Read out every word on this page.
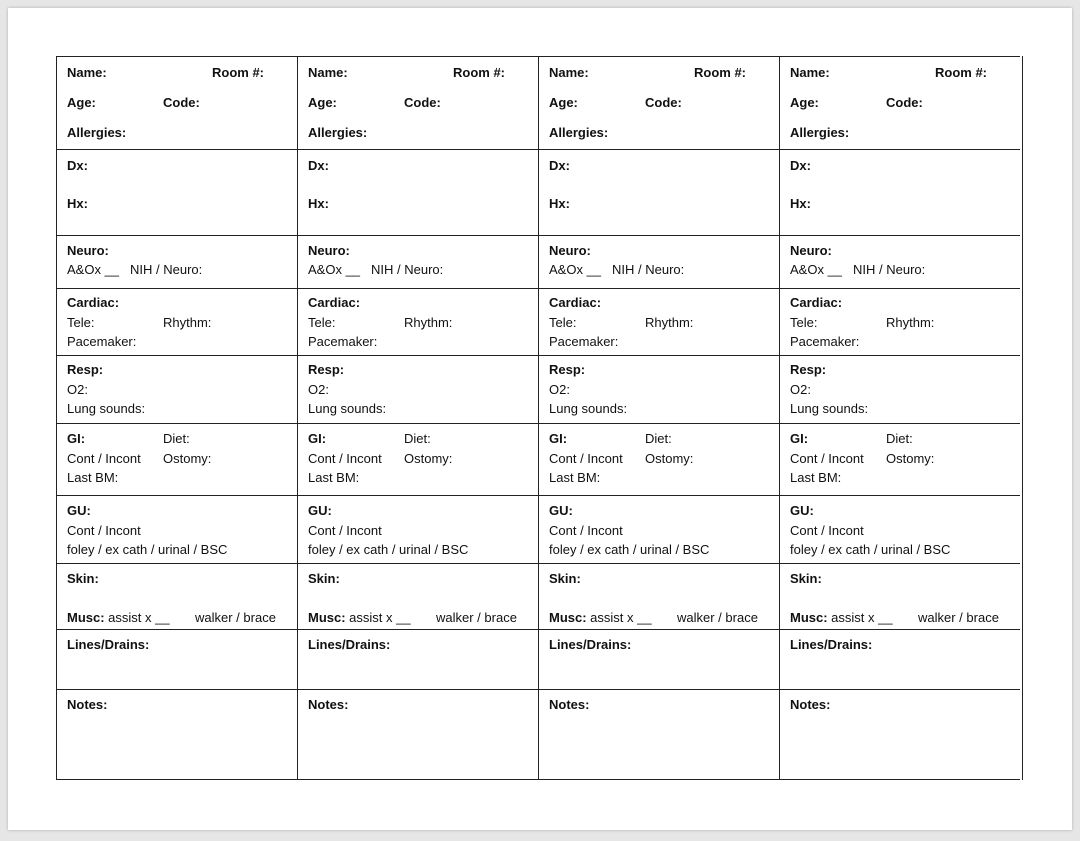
Name:	Room #:
Age:	Code:
Allergies:
Dx:
Hx:
Neuro:
A&Ox __ NIH / Neuro:
Cardiac:
Tele:	Rhythm:
Pacemaker:
Resp:
O2:
Lung sounds:
GI:	Diet:
Cont / Incont Ostomy:
Last BM:
GU:
Cont / Incont
foley / ex cath / urinal / BSC
Skin:
Musc: assist x __ walker / brace
Lines/Drains:
Notes:
Name:	Room #:
Age:	Code:
Allergies:
Dx:
Hx:
Neuro:
A&Ox __ NIH / Neuro:
Cardiac:
Tele:	Rhythm:
Pacemaker:
Resp:
O2:
Lung sounds:
GI:	Diet:
Cont / Incont Ostomy:
Last BM:
GU:
Cont / Incont
foley / ex cath / urinal / BSC
Skin:
Musc: assist x __ walker / brace
Lines/Drains:
Notes:
Name:	Room #:
Age:	Code:
Allergies:
Dx:
Hx:
Neuro:
A&Ox __ NIH / Neuro:
Cardiac:
Tele:	Rhythm:
Pacemaker:
Resp:
O2:
Lung sounds:
GI:	Diet:
Cont / Incont Ostomy:
Last BM:
GU:
Cont / Incont
foley / ex cath / urinal / BSC
Skin:
Musc: assist x __ walker / brace
Lines/Drains:
Notes:
Name:	Room #:
Age:	Code:
Allergies:
Dx:
Hx:
Neuro:
A&Ox __ NIH / Neuro:
Cardiac:
Tele:	Rhythm:
Pacemaker:
Resp:
O2:
Lung sounds:
GI:	Diet:
Cont / Incont Ostomy:
Last BM:
GU:
Cont / Incont
foley / ex cath / urinal / BSC
Skin:
Musc: assist x __ walker / brace
Lines/Drains:
Notes:
